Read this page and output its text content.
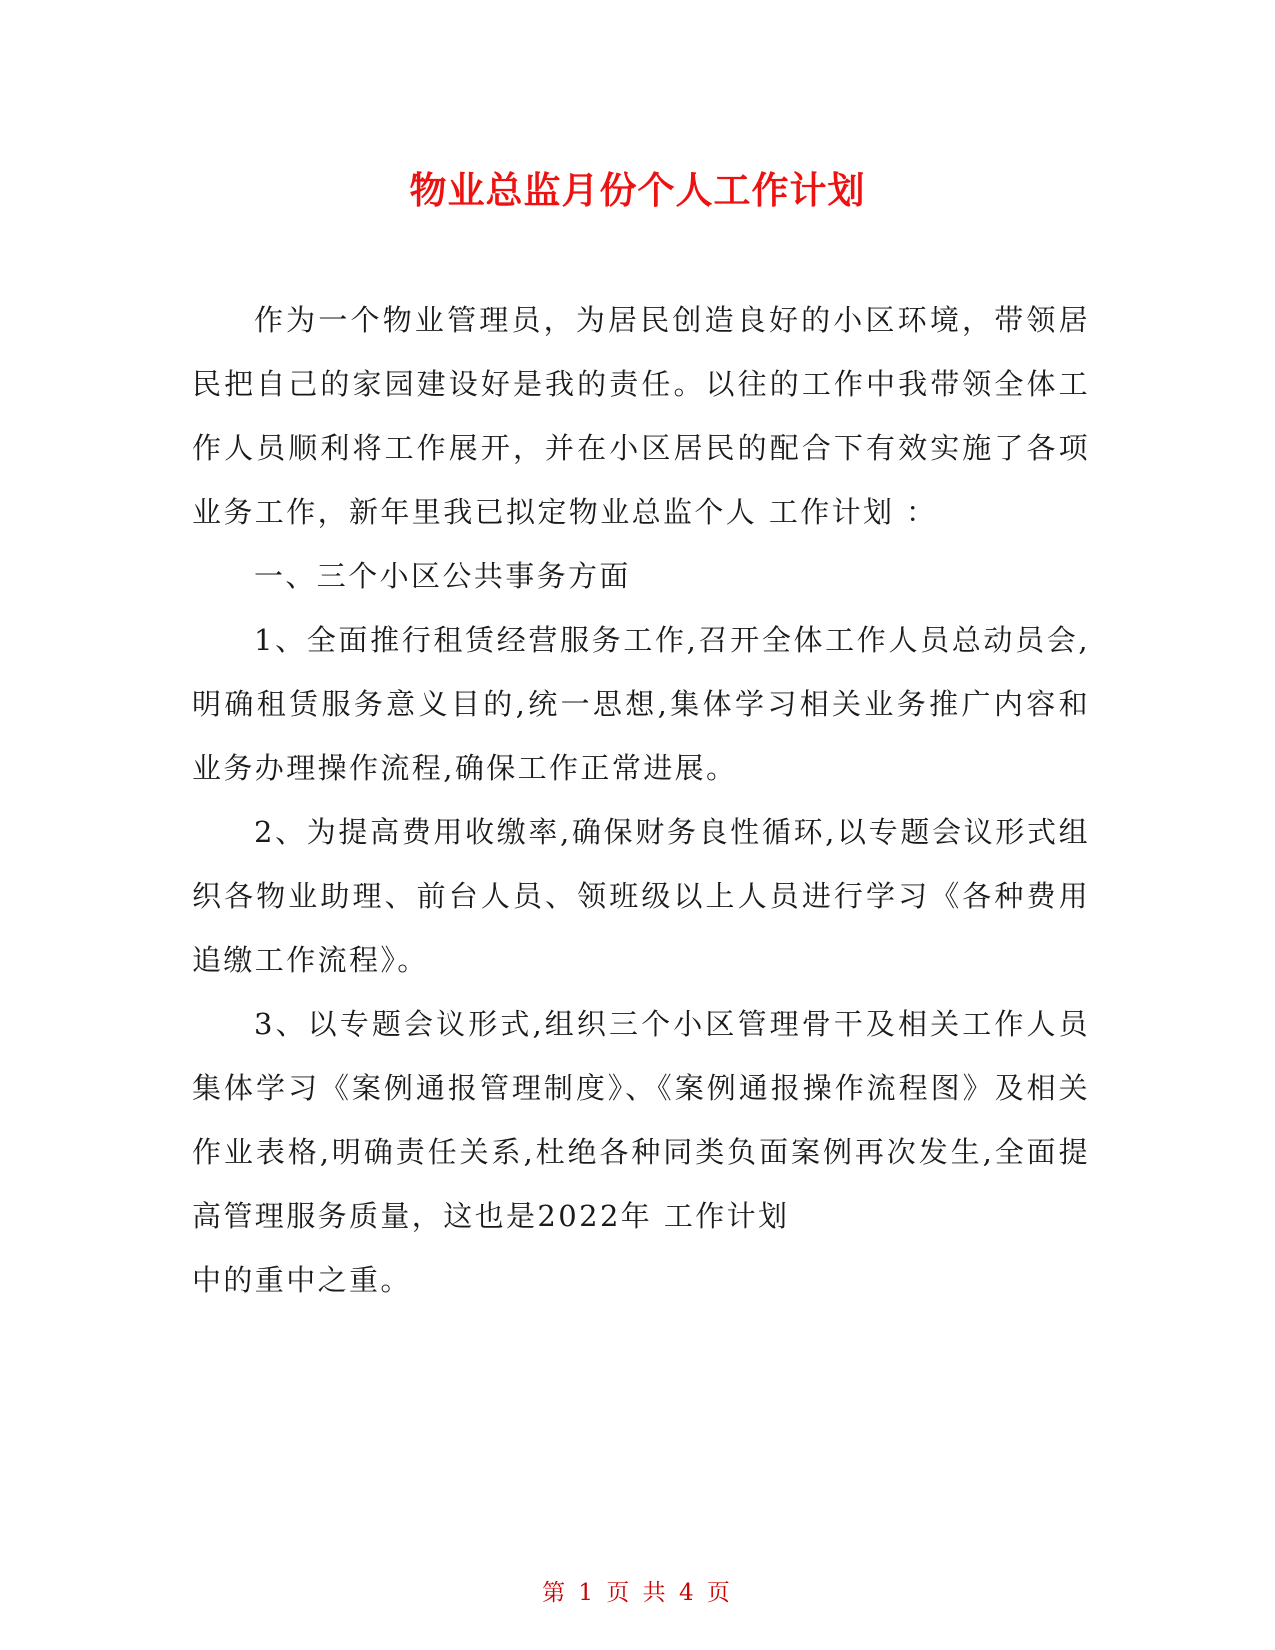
物业总监月份个人工作计划

作为一个物业管理员，为居民创造良好的小区环境，带领居民把自己的家园建设好是我的责任。以往的工作中我带领全体工作人员顺利将工作展开，并在小区居民的配合下有效实施了各项业务工作，新年里我已拟定物业总监个人 工作计划 ：

一、三个小区公共事务方面

1、全面推行租赁经营服务工作,召开全体工作人员总动员会,明确租赁服务意义目的,统一思想,集体学习相关业务推广内容和业务办理操作流程,确保工作正常进展。

2、为提高费用收缴率,确保财务良性循环,以专题会议形式组织各物业助理、前台人员、领班级以上人员进行学习《各种费用追缴工作流程》。

3、以专题会议形式,组织三个小区管理骨干及相关工作人员集体学习《案例通报管理制度》、《案例通报操作流程图》及相关作业表格,明确责任关系,杜绝各种同类负面案例再次发生,全面提高管理服务质量，这也是2022年 工作计划

中的重中之重。

第 1 页 共 4 页
